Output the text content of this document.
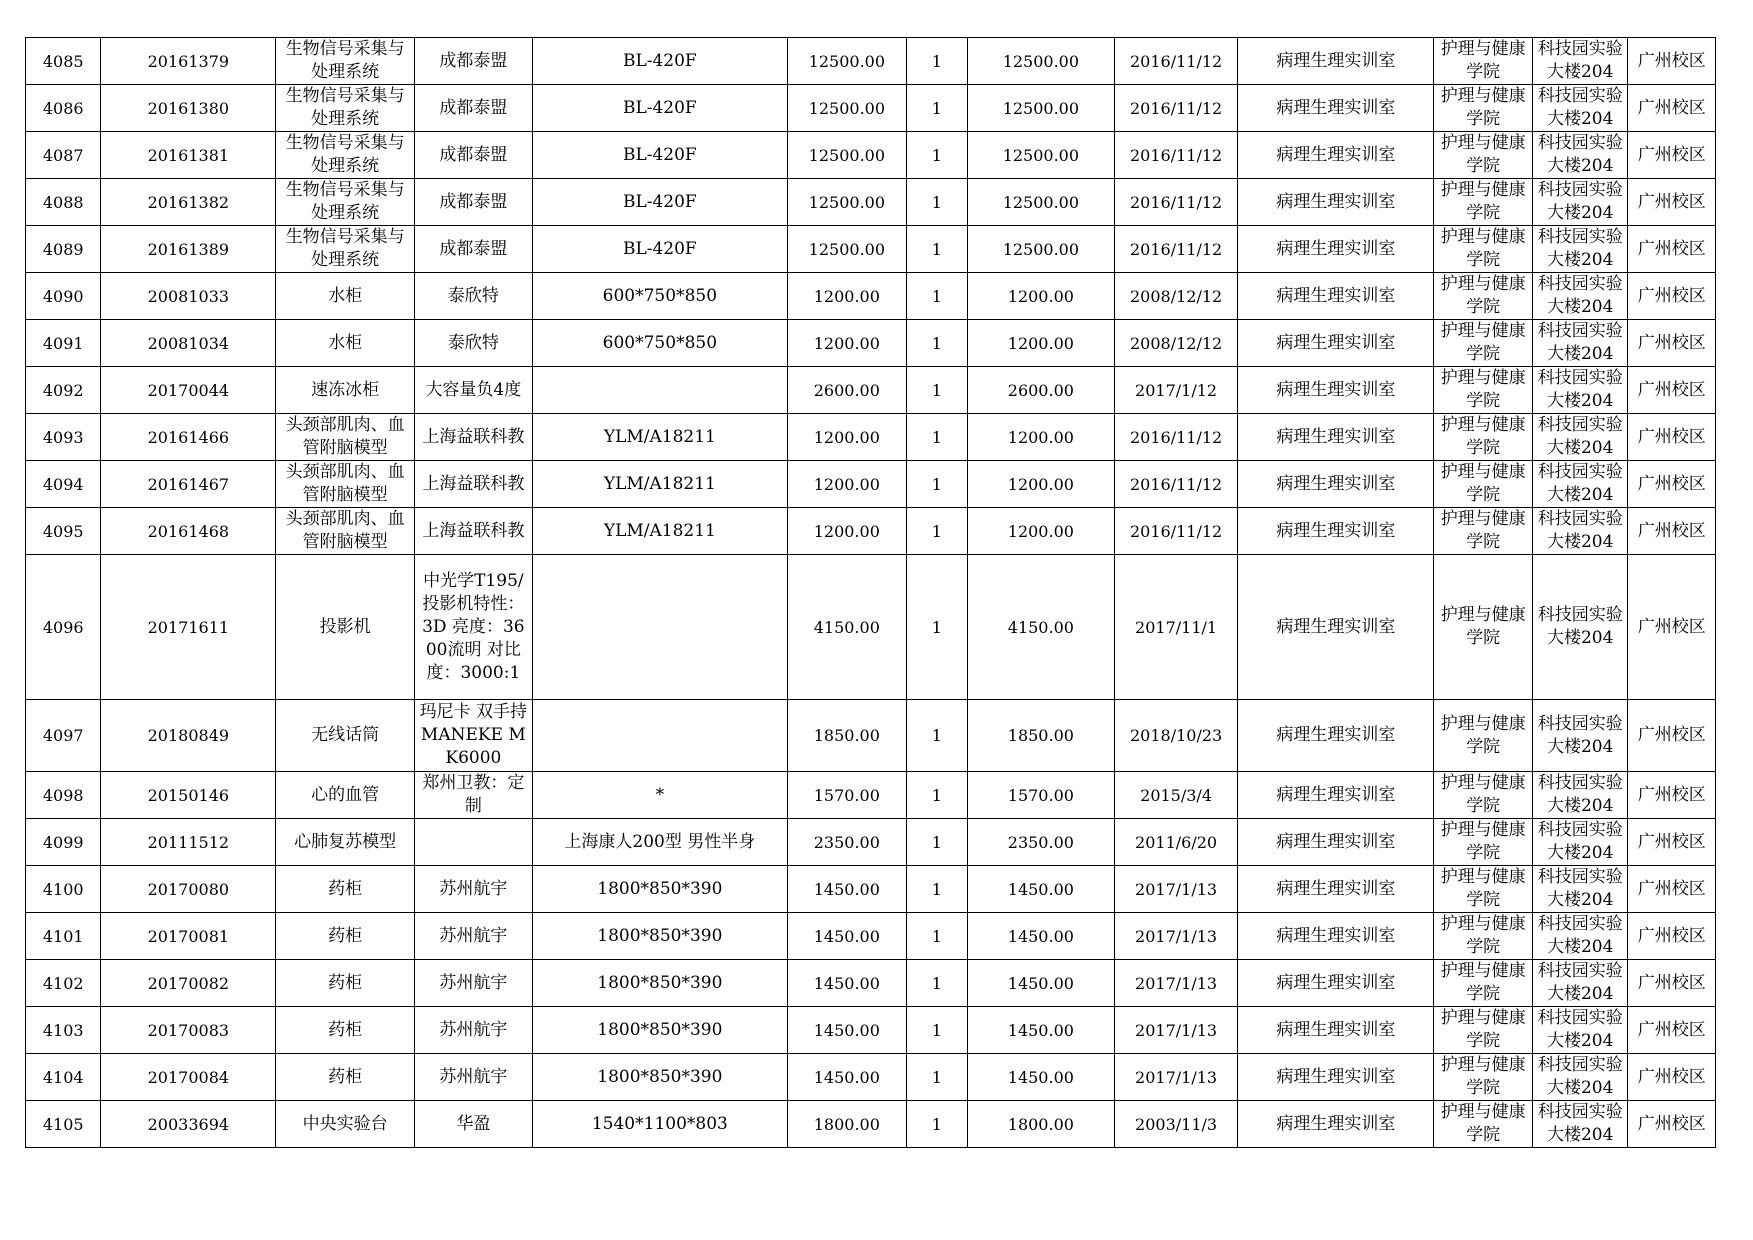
4085	20161379	生物信号采集与处理系统	成都泰盟	BL-420F	12500.00	1	12500.00	2016/11/12	病理生理实训室	护理与健康学院	科技园实验大楼204	广州校区
4086	20161380	生物信号采集与处理系统	成都泰盟	BL-420F	12500.00	1	12500.00	2016/11/12	病理生理实训室	护理与健康学院	科技园实验大楼204	广州校区
4087	20161381	生物信号采集与处理系统	成都泰盟	BL-420F	12500.00	1	12500.00	2016/11/12	病理生理实训室	护理与健康学院	科技园实验大楼204	广州校区
4088	20161382	生物信号采集与处理系统	成都泰盟	BL-420F	12500.00	1	12500.00	2016/11/12	病理生理实训室	护理与健康学院	科技园实验大楼204	广州校区
4089	20161389	生物信号采集与处理系统	成都泰盟	BL-420F	12500.00	1	12500.00	2016/11/12	病理生理实训室	护理与健康学院	科技园实验大楼204	广州校区
4090	20081033	水柜	泰欣特	600*750*850	1200.00	1	1200.00	2008/12/12	病理生理实训室	护理与健康学院	科技园实验大楼204	广州校区
4091	20081034	水柜	泰欣特	600*750*850	1200.00	1	1200.00	2008/12/12	病理生理实训室	护理与健康学院	科技园实验大楼204	广州校区
4092	20170044	速冻冰柜	大容量负4度		2600.00	1	2600.00	2017/1/12	病理生理实训室	护理与健康学院	科技园实验大楼204	广州校区
4093	20161466	头颈部肌肉、血管附脑模型	上海益联科教	YLM/A18211	1200.00	1	1200.00	2016/11/12	病理生理实训室	护理与健康学院	科技园实验大楼204	广州校区
4094	20161467	头颈部肌肉、血管附脑模型	上海益联科教	YLM/A18211	1200.00	1	1200.00	2016/11/12	病理生理实训室	护理与健康学院	科技园实验大楼204	广州校区
4095	20161468	头颈部肌肉、血管附脑模型	上海益联科教	YLM/A18211	1200.00	1	1200.00	2016/11/12	病理生理实训室	护理与健康学院	科技园实验大楼204	广州校区
4096	20171611	投影机	中光学T195/投影机特性：3D 亮度：3600流明 对比度：3000:1		4150.00	1	4150.00	2017/11/1	病理生理实训室	护理与健康学院	科技园实验大楼204	广州校区
4097	20180849	无线话筒	玛尼卡 双手持MANEKE MK6000		1850.00	1	1850.00	2018/10/23	病理生理实训室	护理与健康学院	科技园实验大楼204	广州校区
4098	20150146	心的血管	郑州卫教：定制	*	1570.00	1	1570.00	2015/3/4	病理生理实训室	护理与健康学院	科技园实验大楼204	广州校区
4099	20111512	心肺复苏模型		上海康人200型 男性半身	2350.00	1	2350.00	2011/6/20	病理生理实训室	护理与健康学院	科技园实验大楼204	广州校区
4100	20170080	药柜	苏州航宇	1800*850*390	1450.00	1	1450.00	2017/1/13	病理生理实训室	护理与健康学院	科技园实验大楼204	广州校区
4101	20170081	药柜	苏州航宇	1800*850*390	1450.00	1	1450.00	2017/1/13	病理生理实训室	护理与健康学院	科技园实验大楼204	广州校区
4102	20170082	药柜	苏州航宇	1800*850*390	1450.00	1	1450.00	2017/1/13	病理生理实训室	护理与健康学院	科技园实验大楼204	广州校区
4103	20170083	药柜	苏州航宇	1800*850*390	1450.00	1	1450.00	2017/1/13	病理生理实训室	护理与健康学院	科技园实验大楼204	广州校区
4104	20170084	药柜	苏州航宇	1800*850*390	1450.00	1	1450.00	2017/1/13	病理生理实训室	护理与健康学院	科技园实验大楼204	广州校区
4105	20033694	中央实验台	华盈	1540*1100*803	1800.00	1	1800.00	2003/11/3	病理生理实训室	护理与健康学院	科技园实验大楼204	广州校区
